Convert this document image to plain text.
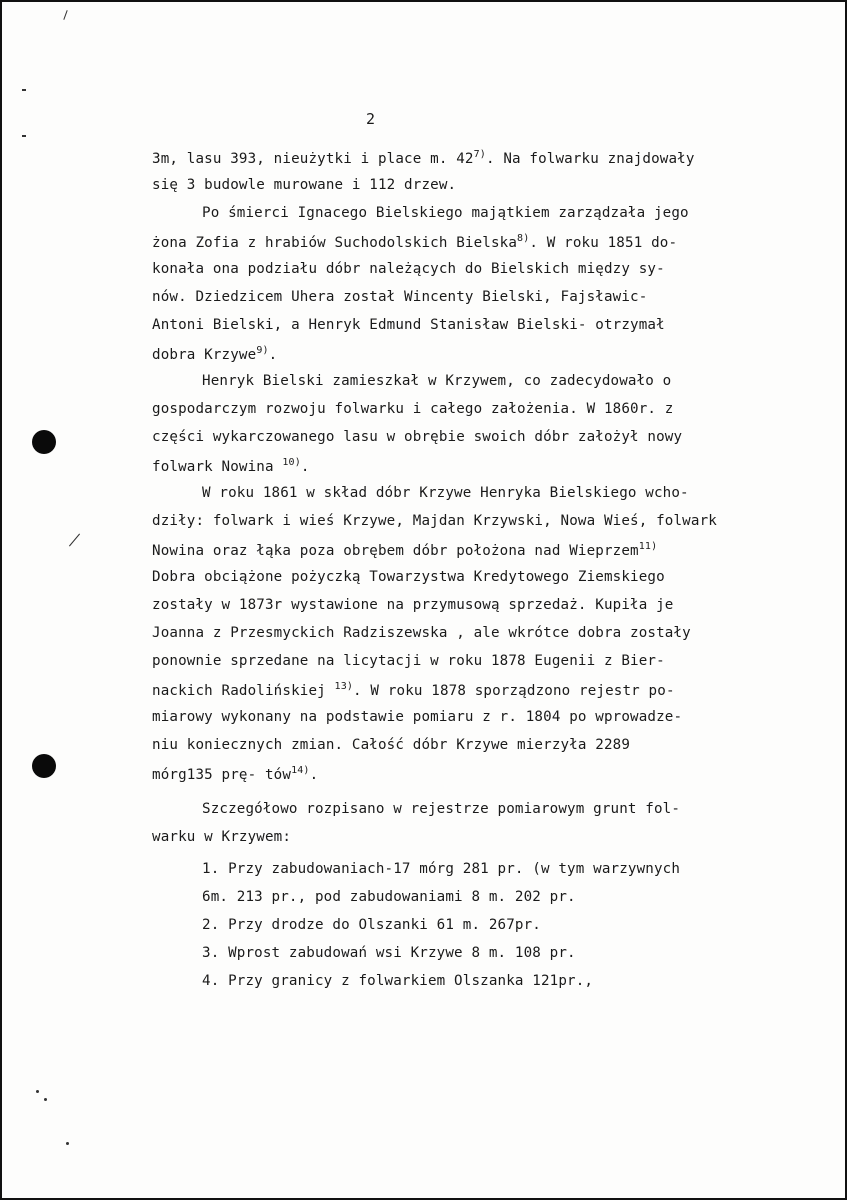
2
3m, lasu 393, nieużytki i place m. 42$^{7)}$. Na folwarku znajdowały
się 3 budowle murowane i 112 drzew.
Po śmierci Ignacego Bielskiego majątkiem zarządzała jego
żona Zofia z hrabiów Suchodolskich Bielska$^{8)}$. W roku 1851 do-
konała ona podziału dóbr należących do Bielskich między sy-
nów. Dziedzicem Uhera został Wincenty Bielski, Fajsławic-
Antoni Bielski, a Henryk Edmund Stanisław Bielski- otrzymał
dobra Krzywe$^{9)}$.
Henryk Bielski zamieszkał w Krzywem, co zadecydowało o
gospodarczym rozwoju folwarku i całego założenia. W 1860r. z
części wykarczowanego lasu w obrębie swoich dóbr założył nowy
folwark Nowina $^{10)}$.
W roku 1861 w skład dóbr Krzywe Henryka Bielskiego wcho-
dziły: folwark i wieś Krzywe, Majdan Krzywski, Nowa Wieś, folwark
Nowina oraz łąka poza obrębem dóbr położona nad Wieprzem$^{11)}$
Dobra obciążone pożyczką Towarzystwa Kredytowego Ziemskiego
zostały w 1873r wystawione na przymusową sprzedaż. Kupiła je
Joanna z Przesmyckich Radziszewska , ale wkrótce dobra zostały
ponownie sprzedane na licytacji w roku 1878 Eugenii z Bier-
nackich Radolińskiej $^{13)}$. W roku 1878 sporządzono rejestr po-
miarowy wykonany na podstawie pomiaru z r. 1804 po wprowadze-
niu koniecznych zmian. Całość dóbr Krzywe mierzyła 2289
mórg135 prę- tów$^{14)}$.
Szczegółowo rozpisano w rejestrze pomiarowym grunt fol-
warku w Krzywem:
1. Przy zabudowaniach-17 mórg 281 pr. (w tym warzywnych
6m. 213 pr., pod zabudowaniami 8 m. 202 pr.
2. Przy drodze do Olszanki 61 m. 267pr.
3. Wprost zabudowań wsi Krzywe 8 m. 108 pr.
4. Przy granicy z folwarkiem Olszanka 121pr.,
